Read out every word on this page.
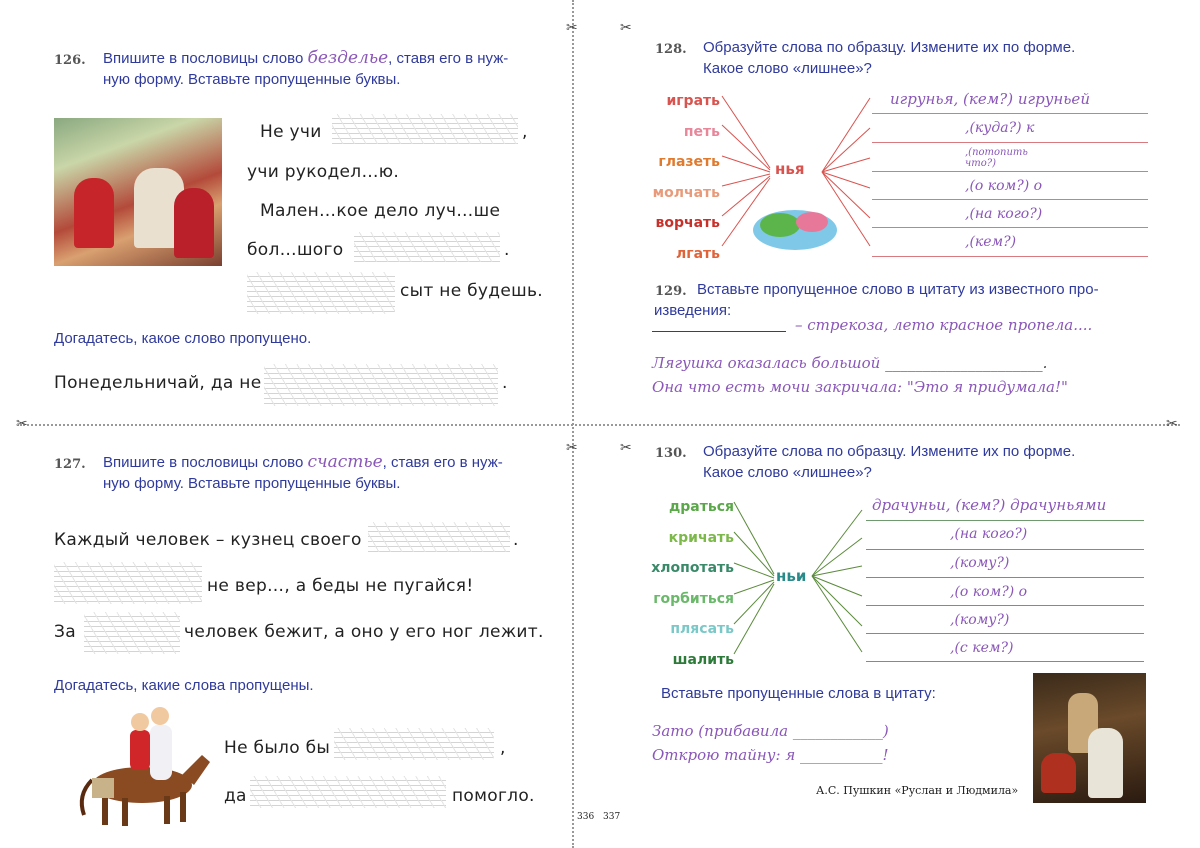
✂	✂
✂	✂
✂	✂
126. Впишите в пословицы слово безделье, ставя его в нуж-
ную форму. Вставьте пропущенные буквы.
Не учи	,
учи рукодел…ю.
Мален…кое дело луч…ше
бол…шого	.
сыт не будешь.
Догадатесь, какое слово пропущено.
Понедельничай, да не	.
127. Впишите в пословицы слово счастье, ставя его в нуж-
ную форму. Вставьте пропущенные буквы.
Каждый человек – кузнец своего	.
не вер…, а беды не пугайся!
За	человек бежит, а оно у его ног лежит.
Догадатесь, какие слова пропущены.
Не было бы	,
да	помогло.
128. Образуйте слова по образцу. Измените их по форме.
Какое слово «лишнее»?
играть
петь
глазеть
молчать
ворчать
лгать
нья
игрунья, (кем?) игруньей
,(куда?) к
,(потопить что?)
,(о ком?) о
,(на кого?)
,(кем?)
129. Вставьте пропущенное слово в цитату из известного про-
изведения:
– стрекоза, лето красное пропела....
Лягушка оказалась большой _____________________.
Она что есть мочи закричала: "Это я придумала!"
130. Образуйте слова по образцу. Измените их по форме.
Какое слово «лишнее»?
драться
кричать
хлопотать
горбиться
плясать
шалить
ньи
драчуньи, (кем?) драчуньями
,(на кого?)
,(кому?)
,(о ком?) о
,(кому?)
,(с кем?)
Вставьте пропущенные слова в цитату:
Зато (прибавила ____________)
Открою тайну: я ___________!
А.С. Пушкин «Руслан и Людмила»
336 337
